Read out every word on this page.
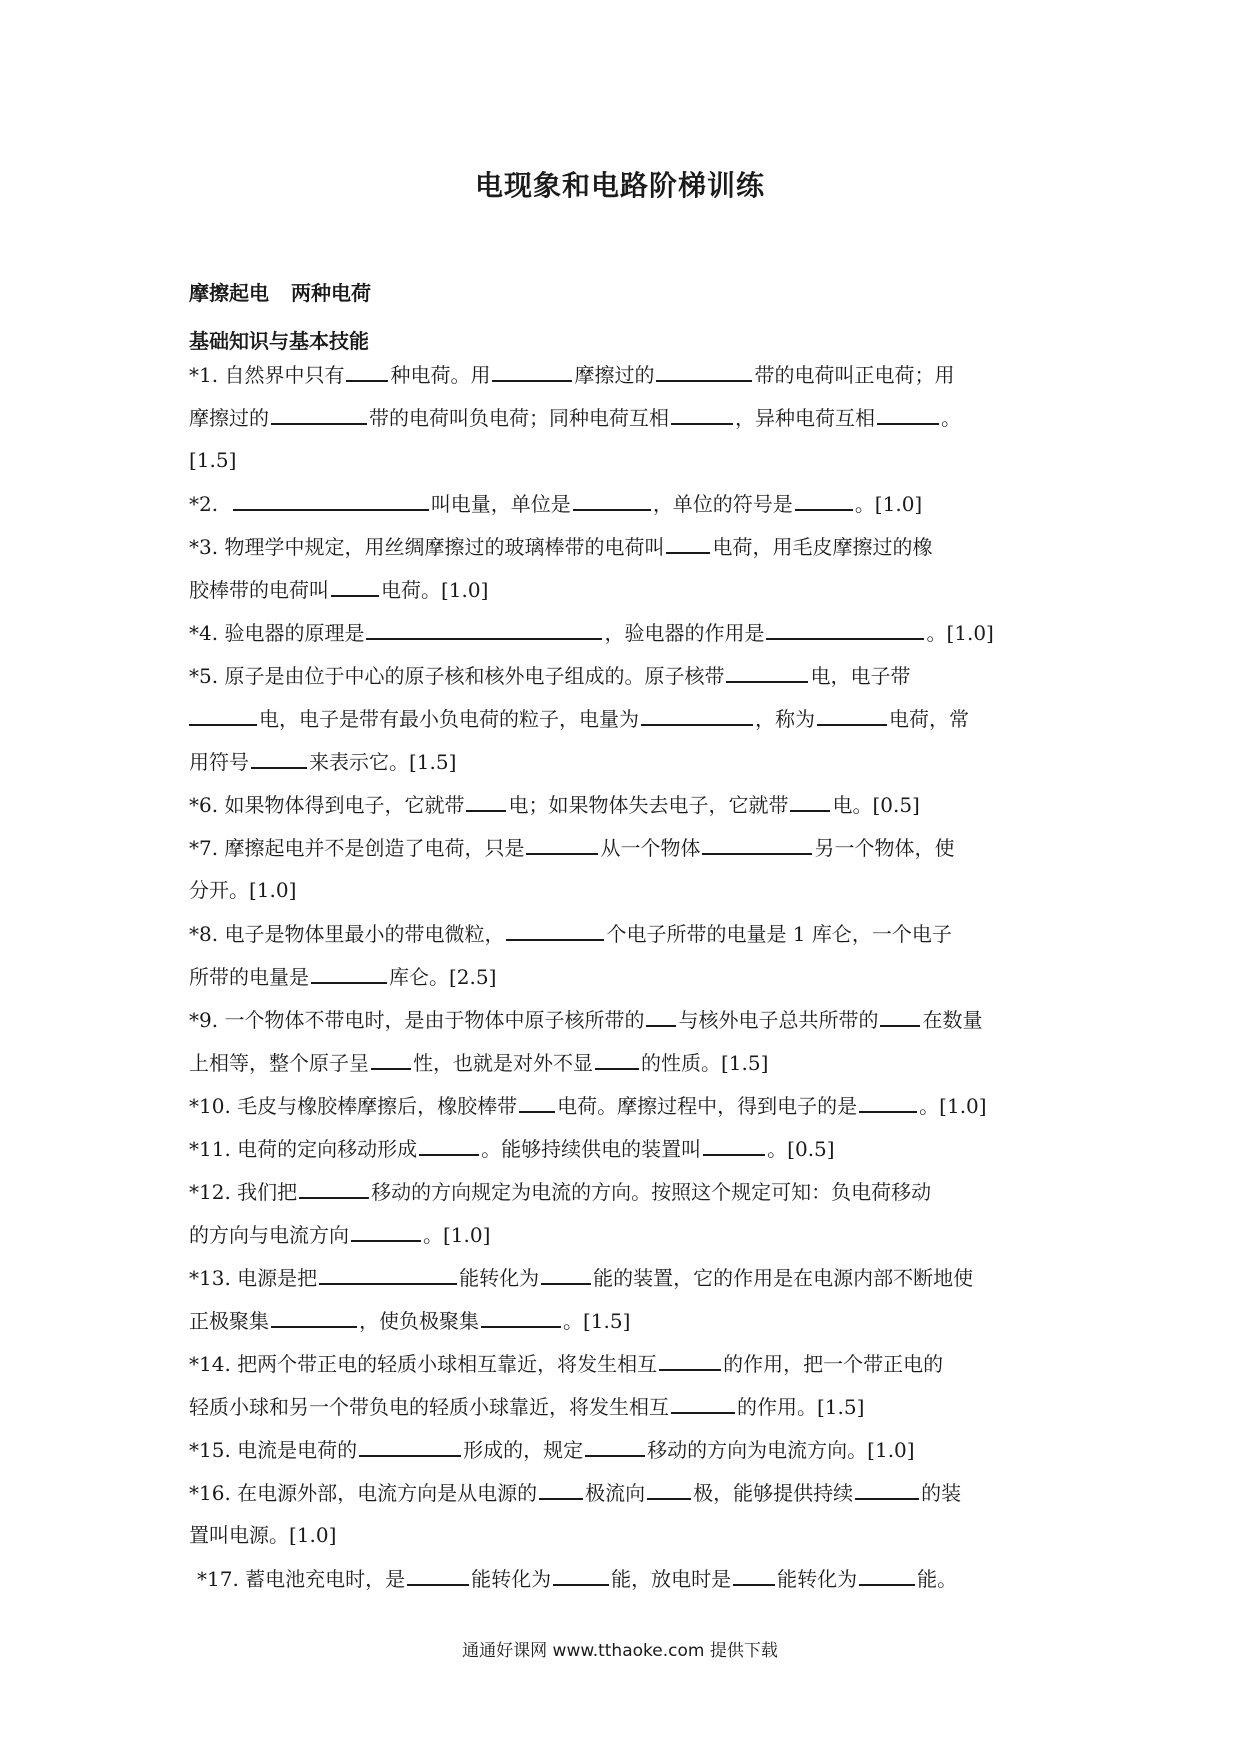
电现象和电路阶梯训练
摩擦起电 两种电荷
基础知识与基本技能
*1. 自然界中只有 种电荷。用	摩擦过的	带的电荷叫正电荷；用
摩擦过的	带的电荷叫负电荷；同种电荷互相	，异种电荷互相	。
[1.5]
*2.	叫电量，单位是	，单位的符号是	。[1.0]
*3. 物理学中规定，用丝绸摩擦过的玻璃棒带的电荷叫 电荷，用毛皮摩擦过的橡
胶棒带的电荷叫	电荷。[1.0]
*4. 验电器的原理是	，验电器的作用是	。[1.0]
*5. 原子是由位于中心的原子核和核外电子组成的。原子核带	电，电子带
电，电子是带有最小负电荷的粒子，电量为	，称为	电荷，常
用符号	来表示它。[1.5]
*6. 如果物体得到电子，它就带 电；如果物体失去电子，它就带 电。[0.5]
*7. 摩擦起电并不是创造了电荷，只是	从一个物体	另一个物体，使
分开。[1.0]
*8. 电子是物体里最小的带电微粒，	个电子所带的电量是 1 库仑，一个电子
所带的电量是	库仑。[2.5]
*9. 一个物体不带电时，是由于物体中原子核所带的 与核外电子总共所带的 在数量
上相等，整个原子呈 性，也就是对外不显 的性质。[1.5]
*10. 毛皮与橡胶棒摩擦后，橡胶棒带 电荷。摩擦过程中，得到电子的是	。[1.0]
*11. 电荷的定向移动形成	。能够持续供电的装置叫	。[0.5]
*12. 我们把	移动的方向规定为电流的方向。按照这个规定可知：负电荷移动
的方向与电流方向	。[1.0]
*13. 电源是把	能转化为	能的装置，它的作用是在电源内部不断地使
正极聚集	，使负极聚集	。[1.5]
*14. 把两个带正电的轻质小球相互靠近，将发生相互	的作用，把一个带正电的
轻质小球和另一个带负电的轻质小球靠近，将发生相互	的作用。[1.5]
*15. 电流是电荷的	形成的，规定	移动的方向为电流方向。[1.0]
*16. 在电源外部，电流方向是从电源的 极流向 极，能够提供持续	的装
置叫电源。[1.0]
*17. 蓄电池充电时，是	能转化为	能，放电时是 能转化为	能。
通通好课网 www.tthaoke.com 提供下载
